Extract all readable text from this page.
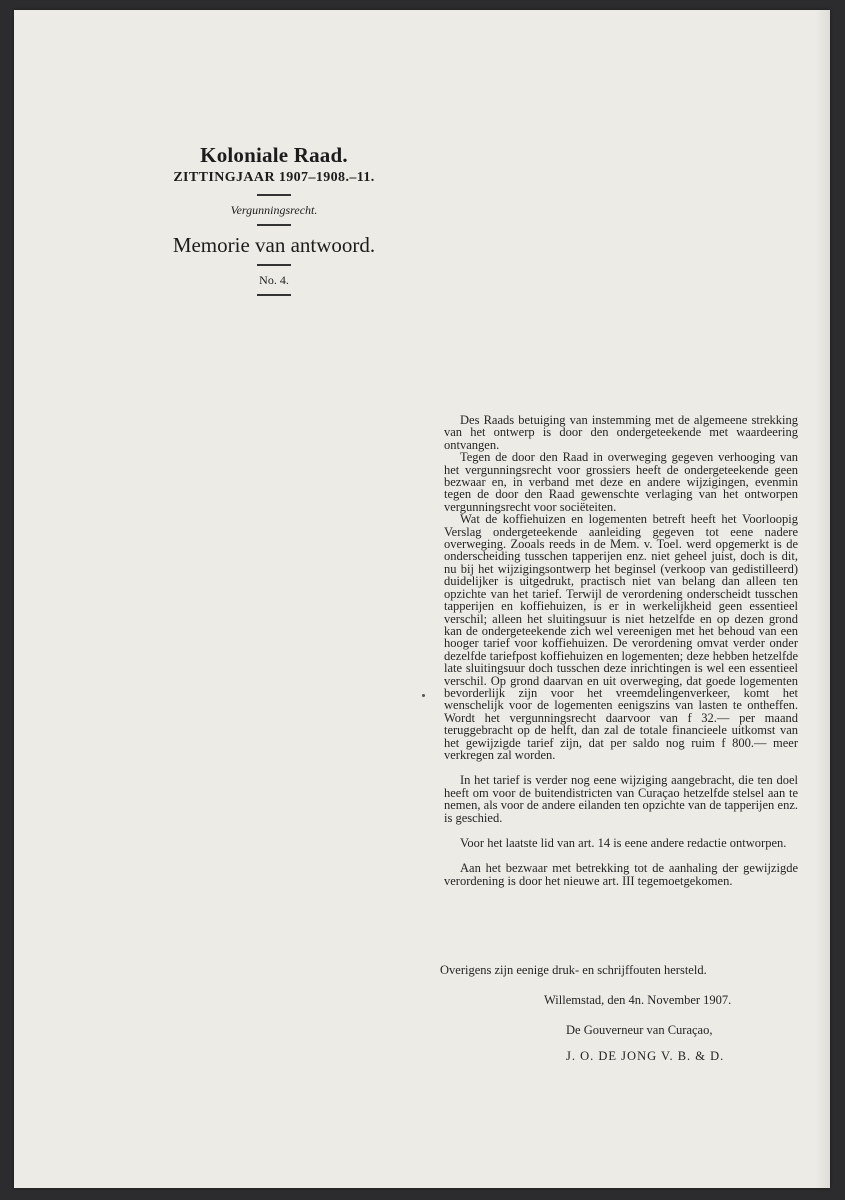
Koloniale Raad.
ZITTINGJAAR 1907–1908.–11.
Vergunningsrecht.
Memorie van antwoord.
No. 4.

Des Raads betuiging van instemming met de algemeene strekking van het ontwerp is door den ondergeteekende met waardeering ontvangen.

Tegen de door den Raad in overweging gegeven verhooging van het vergunningsrecht voor grossiers heeft de ondergeteekende geen bezwaar en, in verband met deze en andere wijzigingen, evenmin tegen de door den Raad gewenschte verlaging van het ontworpen vergunningsrecht voor sociëteiten.

Wat de koffiehuizen en logementen betreft heeft het Voorloopig Verslag ondergeteekende aanleiding gegeven tot eene nadere overweging. Zooals reeds in de Mem. v. Toel. werd opgemerkt is de onderscheiding tusschen tapperijen enz. niet geheel juist, doch is dit, nu bij het wijzigingsontwerp het beginsel (verkoop van gedistilleerd) duidelijker is uitgedrukt, practisch niet van belang dan alleen ten opzichte van het tarief. Terwijl de verordening onderscheidt tusschen tapperijen en koffiehuizen, is er in werkelijkheid geen essentieel verschil; alleen het sluitingsuur is niet hetzelfde en op dezen grond kan de ondergeteekende zich wel vereenigen met het behoud van een hooger tarief voor koffiehuizen. De verordening omvat verder onder dezelfde tariefpost koffiehuizen en logementen; deze hebben hetzelfde late sluitingsuur doch tusschen deze inrichtingen is wel een essentieel verschil. Op grond daarvan en uit overweging, dat goede logementen bevorderlijk zijn voor het vreemdelingenverkeer, komt het wenschelijk voor de logementen eenigszins van lasten te ontheffen. Wordt het vergunningsrecht daarvoor van f 32.— per maand teruggebracht op de helft, dan zal de totale financieele uitkomst van het gewijzigde tarief zijn, dat per saldo nog ruim f 800.— meer verkregen zal worden.

In het tarief is verder nog eene wijziging aangebracht, die ten doel heeft om voor de buitendistricten van Curaçao hetzelfde stelsel aan te nemen, als voor de andere eilanden ten opzichte van de tapperijen enz. is geschied.

Voor het laatste lid van art. 14 is eene andere redactie ontworpen.

Aan het bezwaar met betrekking tot de aanhaling der gewijzigde verordening is door het nieuwe art. III tegemoetgekomen.

Overigens zijn eenige druk- en schrijffouten hersteld.
Willemstad, den 4n. November 1907.
De Gouverneur van Curaçao,
J. O. DE JONG V. B. & D.
